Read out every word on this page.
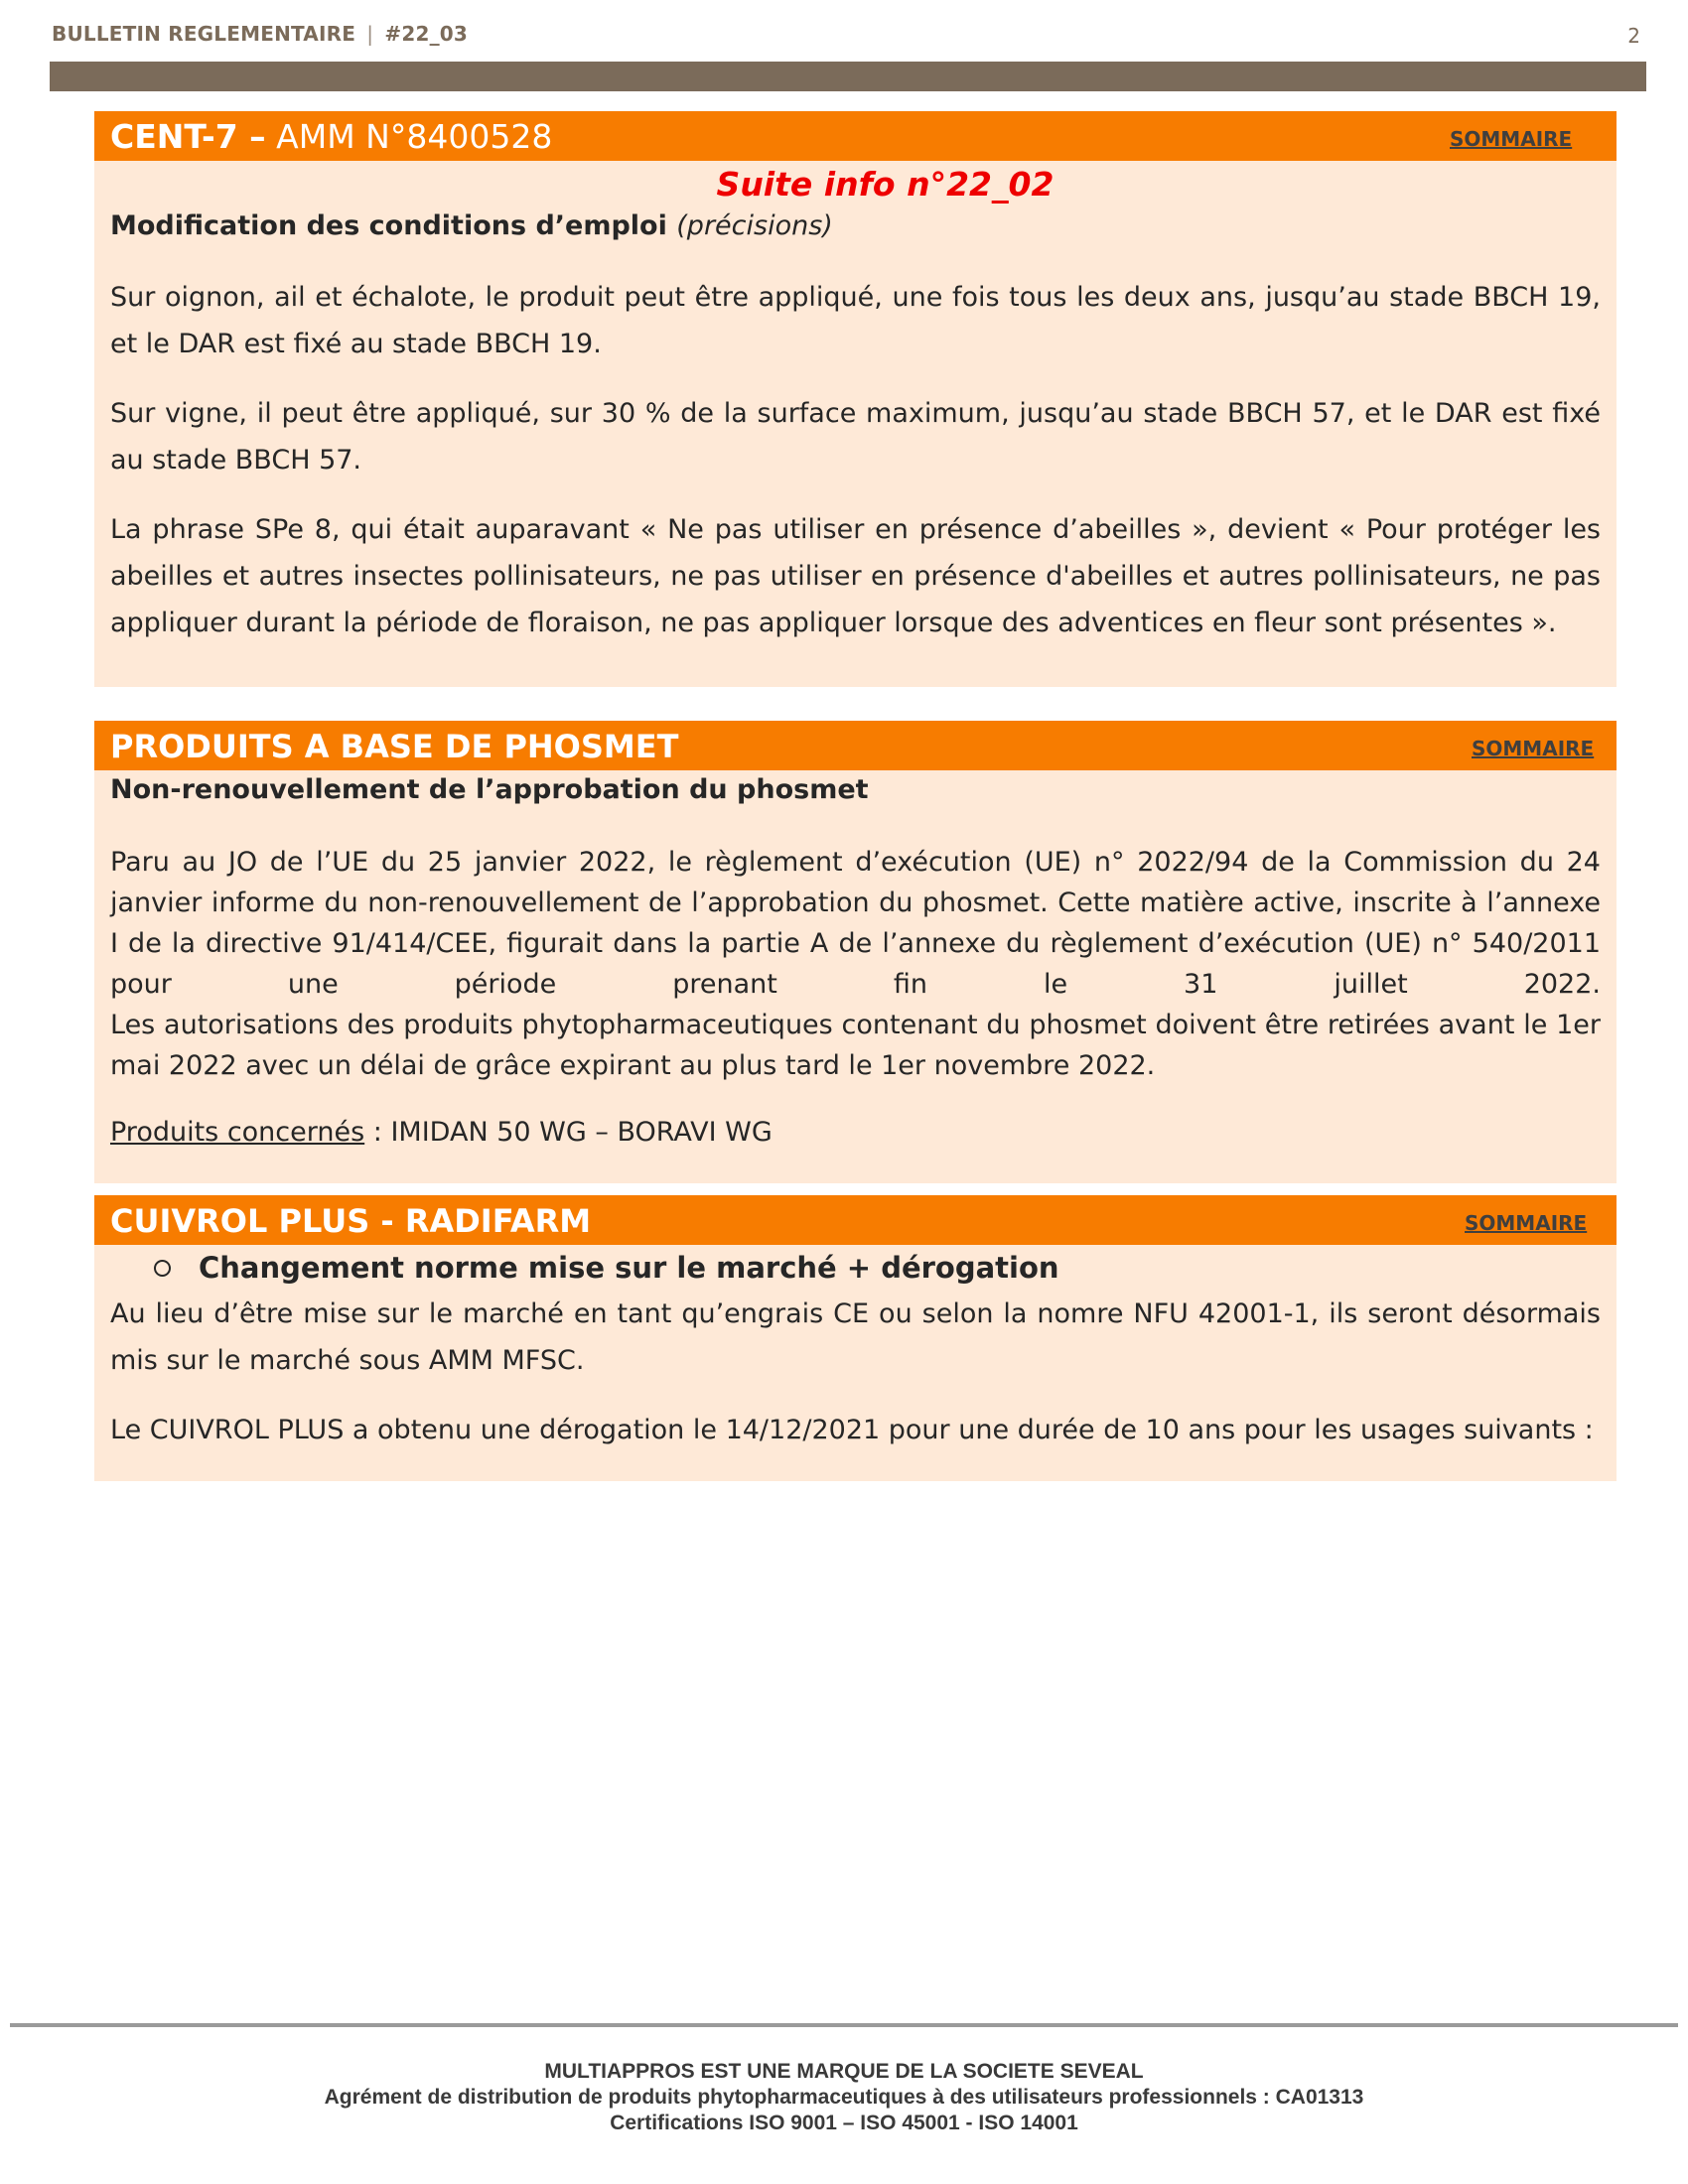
BULLETIN REGLEMENTAIRE | #22_03	2
CENT-7 – AMM N°8400528	SOMMAIRE
Suite info n°22_02
Modification des conditions d’emploi (précisions)

Sur oignon, ail et échalote, le produit peut être appliqué, une fois tous les deux ans, jusqu’au stade BBCH 19, et le DAR est fixé au stade BBCH 19.

Sur vigne, il peut être appliqué, sur 30 % de la surface maximum, jusqu’au stade BBCH 57, et le DAR est fixé au stade BBCH 57.

La phrase SPe 8, qui était auparavant « Ne pas utiliser en présence d’abeilles », devient « Pour protéger les abeilles et autres insectes pollinisateurs, ne pas utiliser en présence d'abeilles et autres pollinisateurs, ne pas appliquer durant la période de floraison, ne pas appliquer lorsque des adventices en fleur sont présentes ».

PRODUITS A BASE DE PHOSMET	SOMMAIRE
Non-renouvellement de l’approbation du phosmet

Paru au JO de l’UE du 25 janvier 2022, le règlement d’exécution (UE) n° 2022/94 de la Commission du 24 janvier informe du non-renouvellement de l’approbation du phosmet. Cette matière active, inscrite à l’annexe I de la directive 91/414/CEE, figurait dans la partie A de l’annexe du règlement d’exécution (UE) n° 540/2011 pour une période prenant fin le 31 juillet 2022.

Les autorisations des produits phytopharmaceutiques contenant du phosmet doivent être retirées avant le 1er mai 2022 avec un délai de grâce expirant au plus tard le 1er novembre 2022.

Produits concernés : IMIDAN 50 WG – BORAVI WG

CUIVROL PLUS - RADIFARM	SOMMAIRE
Changement norme mise sur le marché + dérogation

Au lieu d’être mise sur le marché en tant qu’engrais CE ou selon la nomre NFU 42001-1, ils seront désormais mis sur le marché sous AMM MFSC.

Le CUIVROL PLUS a obtenu une dérogation le 14/12/2021 pour une durée de 10 ans pour les usages suivants :

MULTIAPPROS EST UNE MARQUE DE LA SOCIETE SEVEAL
Agrément de distribution de produits phytopharmaceutiques à des utilisateurs professionnels : CA01313
Certifications ISO 9001 – ISO 45001 - ISO 14001
